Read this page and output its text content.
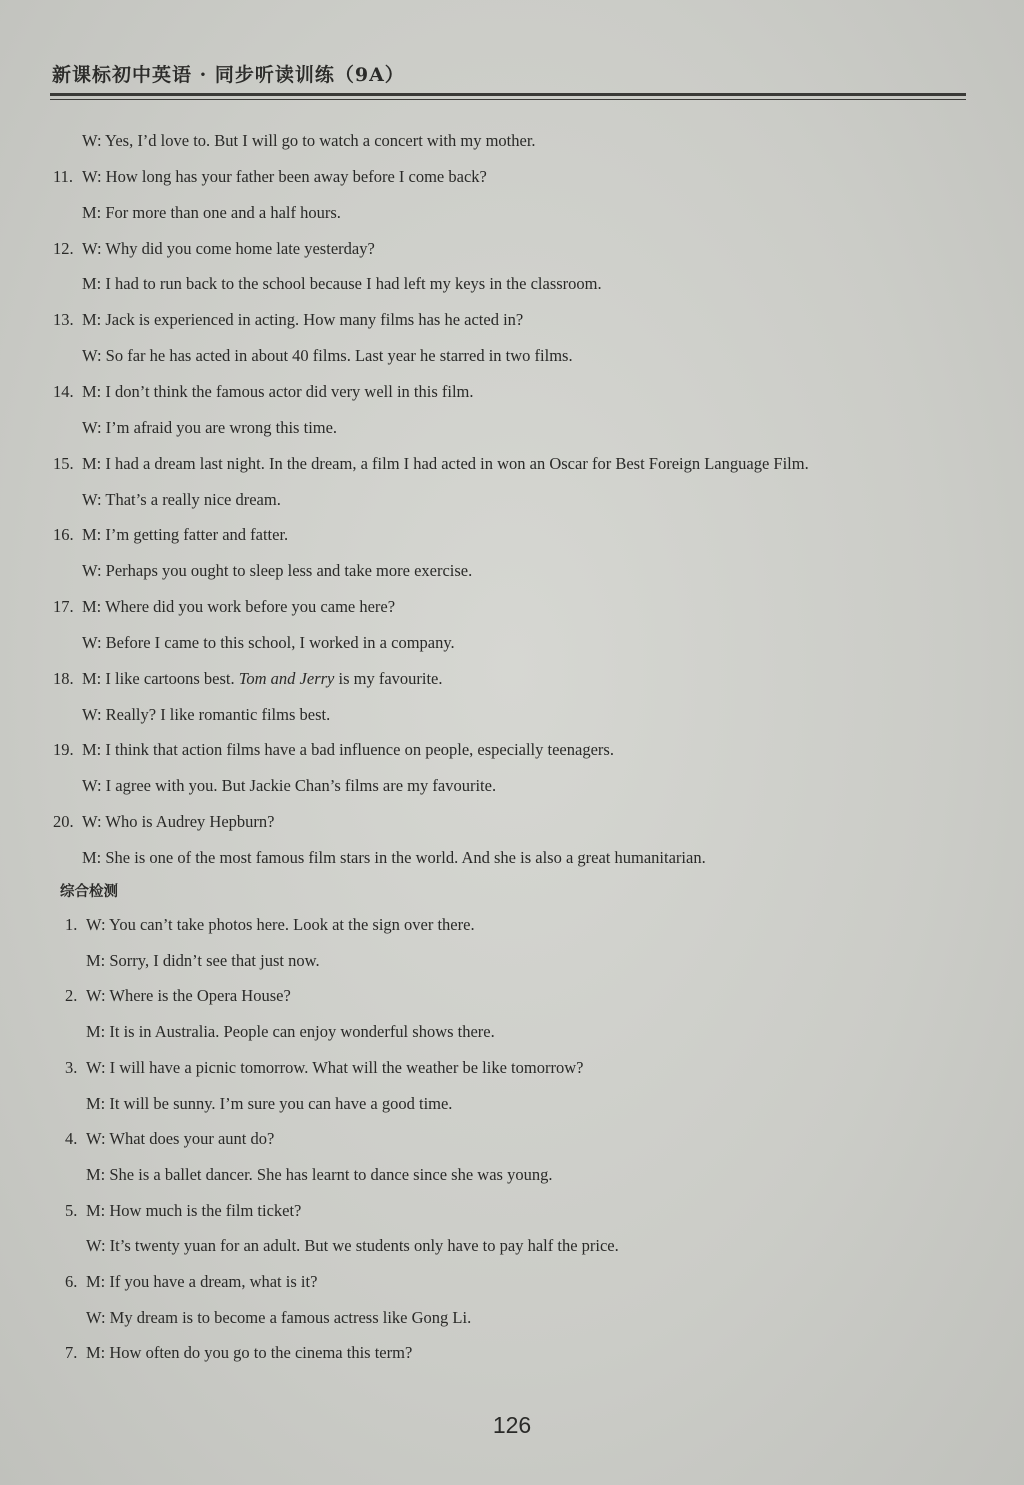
新课标初中英语 · 同步听读训练（9A）
W: Yes, I’d love to. But I will go to watch a concert with my mother.
11. W: How long has your father been away before I come back?
M: For more than one and a half hours.
12. W: Why did you come home late yesterday?
M: I had to run back to the school because I had left my keys in the classroom.
13. M: Jack is experienced in acting. How many films has he acted in?
W: So far he has acted in about 40 films. Last year he starred in two films.
14. M: I don’t think the famous actor did very well in this film.
W: I’m afraid you are wrong this time.
15. M: I had a dream last night. In the dream, a film I had acted in won an Oscar for Best Foreign Language Film.
W: That’s a really nice dream.
16. M: I’m getting fatter and fatter.
W: Perhaps you ought to sleep less and take more exercise.
17. M: Where did you work before you came here?
W: Before I came to this school, I worked in a company.
18. M: I like cartoons best. Tom and Jerry is my favourite.
W: Really? I like romantic films best.
19. M: I think that action films have a bad influence on people, especially teenagers.
W: I agree with you. But Jackie Chan’s films are my favourite.
20. W: Who is Audrey Hepburn?
M: She is one of the most famous film stars in the world. And she is also a great humanitarian.
综合检测
1. W: You can’t take photos here. Look at the sign over there.
M: Sorry, I didn’t see that just now.
2. W: Where is the Opera House?
M: It is in Australia. People can enjoy wonderful shows there.
3. W: I will have a picnic tomorrow. What will the weather be like tomorrow?
M: It will be sunny. I’m sure you can have a good time.
4. W: What does your aunt do?
M: She is a ballet dancer. She has learnt to dance since she was young.
5. M: How much is the film ticket?
W: It’s twenty yuan for an adult. But we students only have to pay half the price.
6. M: If you have a dream, what is it?
W: My dream is to become a famous actress like Gong Li.
7. M: How often do you go to the cinema this term?
126
